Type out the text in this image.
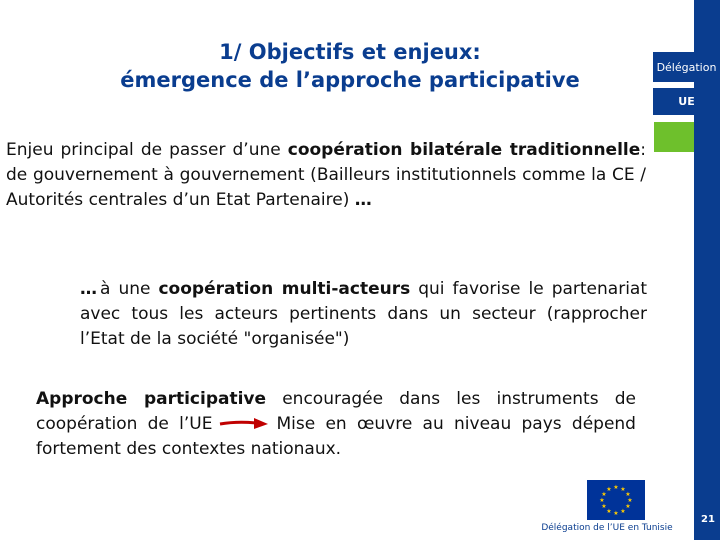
Délégation
UE
21
1/ Objectifs et enjeux:
émergence de l’approche participative
Enjeu principal de passer d’une coopération bilatérale traditionnelle: de gouvernement à gouvernement (Bailleurs institutionnels comme la CE / Autorités centrales d’un Etat Partenaire) …
…à une coopération multi-acteurs qui favorise le partenariat avec tous les acteurs pertinents dans un secteur (rapprocher l’Etat de la société "organisée")
Approche participative encouragée dans les instruments de coopération de l’UE	Mise en œuvre au niveau pays dépend fortement des contextes nationaux.
★ ★
★
★
★
★
★
★
★
★
★
★
Délégation de l’UE en Tunisie
